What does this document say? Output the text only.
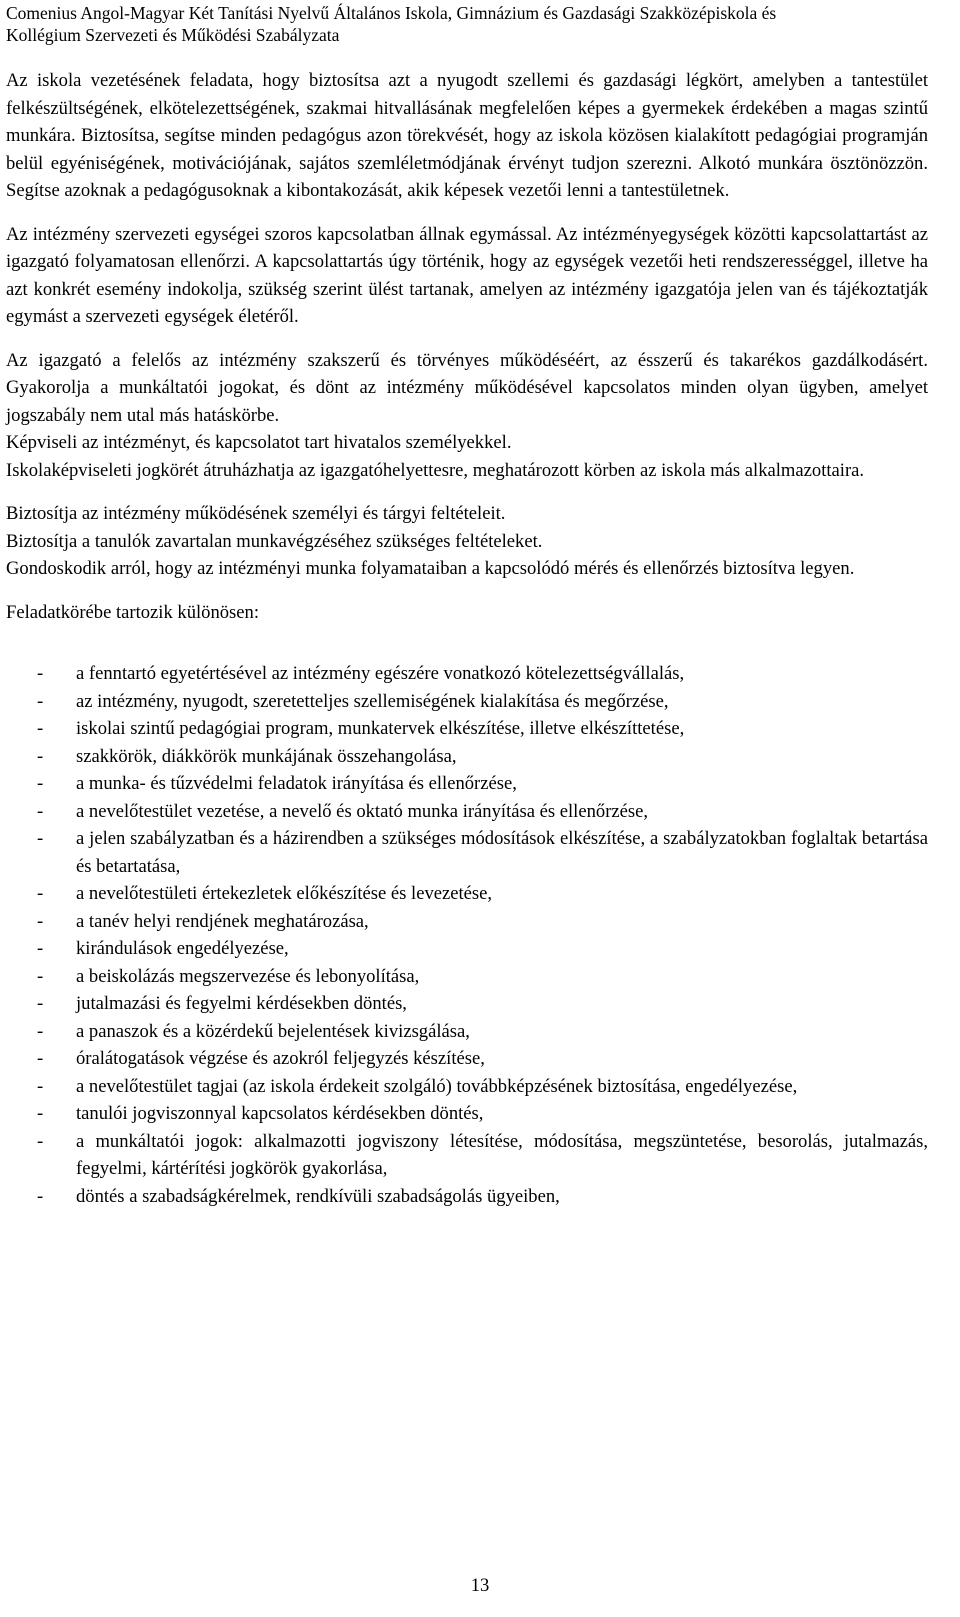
Comenius Angol-Magyar Két Tanítási Nyelvű Általános Iskola, Gimnázium és Gazdasági Szakközépiskola és
Kollégium Szervezeti és Működési Szabályzata

Az iskola vezetésének feladata, hogy biztosítsa azt a nyugodt szellemi és gazdasági légkört, amelyben a tantestület felkészültségének, elkötelezettségének, szakmai hitvallásának megfelelően képes a gyermekek érdekében a magas szintű munkára. Biztosítsa, segítse minden pedagógus azon törekvését, hogy az iskola közösen kialakított pedagógiai programján belül egyéniségének, motivációjának, sajátos szemléletmódjának érvényt tudjon szerezni. Alkotó munkára ösztönözzön. Segítse azoknak a pedagógusoknak a kibontakozását, akik képesek vezetői lenni a tantestületnek.

Az intézmény szervezeti egységei szoros kapcsolatban állnak egymással. Az intézményegységek közötti kapcsolattartást az igazgató folyamatosan ellenőrzi. A kapcsolattartás úgy történik, hogy az egységek vezetői heti rendszerességgel, illetve ha azt konkrét esemény indokolja, szükség szerint ülést tartanak, amelyen az intézmény igazgatója jelen van és tájékoztatják egymást a szervezeti egységek életéről.

Az igazgató a felelős az intézmény szakszerű és törvényes működéséért, az ésszerű és takarékos gazdálkodásért. Gyakorolja a munkáltatói jogokat, és dönt az intézmény működésével kapcsolatos minden olyan ügyben, amelyet jogszabály nem utal más hatáskörbe.

Képviseli az intézményt, és kapcsolatot tart hivatalos személyekkel.

Iskolaképviseleti jogkörét átruházhatja az igazgatóhelyettesre, meghatározott körben az iskola más alkalmazottaira.

Biztosítja az intézmény működésének személyi és tárgyi feltételeit.

Biztosítja a tanulók zavartalan munkavégzéséhez szükséges feltételeket.

Gondoskodik arról, hogy az intézményi munka folyamataiban a kapcsolódó mérés és ellenőrzés biztosítva legyen.

Feladatkörébe tartozik különösen:
- a fenntartó egyetértésével az intézmény egészére vonatkozó kötelezettségvállalás,
- az intézmény, nyugodt, szeretetteljes szellemiségének kialakítása és megőrzése,
- iskolai szintű pedagógiai program, munkatervek elkészítése, illetve elkészíttetése,
- szakkörök, diákkörök munkájának összehangolása,
- a munka- és tűzvédelmi feladatok irányítása és ellenőrzése,
- a nevelőtestület vezetése, a nevelő és oktató munka irányítása és ellenőrzése,
- a jelen szabályzatban és a házirendben a szükséges módosítások elkészítése, a szabályzatokban foglaltak betartása és betartatása,
- a nevelőtestületi értekezletek előkészítése és levezetése,
- a tanév helyi rendjének meghatározása,
- kirándulások engedélyezése,
- a beiskolázás megszervezése és lebonyolítása,
- jutalmazási és fegyelmi kérdésekben döntés,
- a panaszok és a közérdekű bejelentések kivizsgálása,
- óralátogatások végzése és azokról feljegyzés készítése,
- a nevelőtestület tagjai (az iskola érdekeit szolgáló) továbbképzésének biztosítása, engedélyezése,
- tanulói jogviszonnyal kapcsolatos kérdésekben döntés,
- a munkáltatói jogok: alkalmazotti jogviszony létesítése, módosítása, megszüntetése, besorolás, jutalmazás, fegyelmi, kártérítési jogkörök gyakorlása,
- döntés a szabadságkérelmek, rendkívüli szabadságolás ügyeiben,
13
